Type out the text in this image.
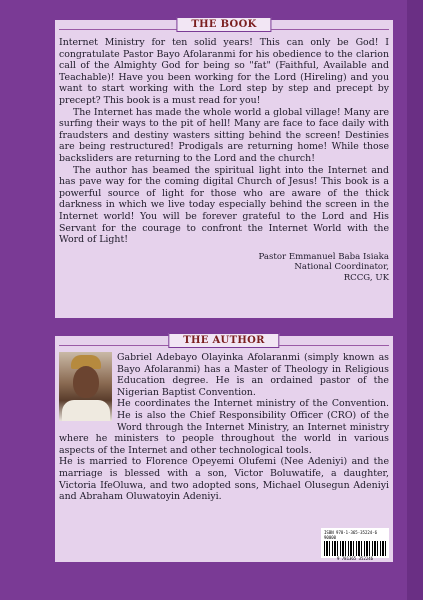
THE BOOK

Internet Ministry for ten solid years! This can only be God! I congratulate Pastor Bayo Afolaranmi for his obedience to the clarion call of the Almighty God for being so "fat" (Faithful, Available and Teachable)! Have you been working for the Lord (Hireling) and you want to start working with the Lord step by step and precept by precept? This book is a must read for you!

The Internet has made the whole world a global village! Many are surfing their ways to the pit of hell! Many are face to face daily with fraudsters and destiny wasters sitting behind the screen! Destinies are being restructured! Prodigals are returning home! While those backsliders are returning to the Lord and the church!

The author has beamed the spiritual light into the Internet and has pave way for the coming digital Church of Jesus! This book is a powerful source of light for those who are aware of the thick darkness in which we live today especially behind the screen in the Internet world! You will be forever grateful to the Lord and His Servant for the courage to confront the Internet World with the Word of Light!

Pastor Emmanuel Baba Isiaka
National Coordinator,
RCCG, UK
THE AUTHOR

Gabriel Adebayo Olayinka Afolaranmi (simply known as Bayo Afolaranmi) has a Master of Theology in Religious Education degree. He is an ordained pastor of the Nigerian Baptist Convention.

He coordinates the Internet ministry of the Convention. He is also the Chief Responsibility Officer (CRO) of the Word through the Internet Ministry, an Internet ministry where he ministers to people throughout the world in various aspects of the Internet and other technological tools.

He is married to Florence Opeyemi Olufemi (Nee Adeniyi) and the marriage is blessed with a son, Victor Boluwatife, a daughter, Victoria IfeOluwa, and two adopted sons, Michael Olusegun Adeniyi and Abraham Oluwatoyin Adeniyi.

ISBN 978-1-365-35224-6 90000
9 781365 352246
